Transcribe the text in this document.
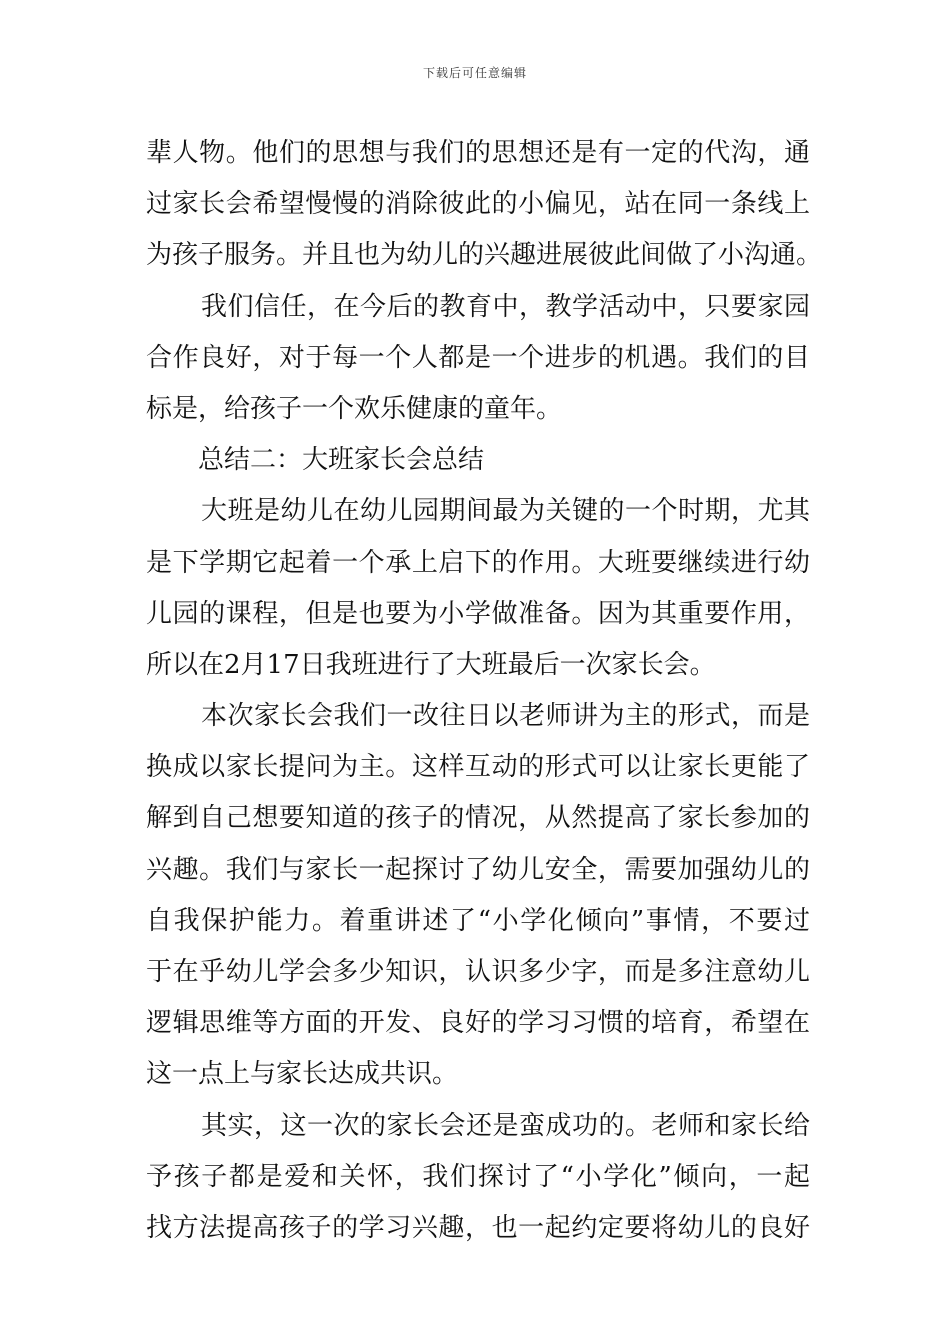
下载后可任意编辑
辈人物。他们的思想与我们的思想还是有一定的代沟，通
过家长会希望慢慢的消除彼此的小偏见，站在同一条线上
为孩子服务。并且也为幼儿的兴趣进展彼此间做了小沟通。
我们信任，在今后的教育中，教学活动中，只要家园
合作良好，对于每一个人都是一个进步的机遇。我们的目
标是，给孩子一个欢乐健康的童年。
总结二：大班家长会总结
大班是幼儿在幼儿园期间最为关键的一个时期，尤其
是下学期它起着一个承上启下的作用。大班要继续进行幼
儿园的课程，但是也要为小学做准备。因为其重要作用，
所以在2月17日我班进行了大班最后一次家长会。
本次家长会我们一改往日以老师讲为主的形式，而是
换成以家长提问为主。这样互动的形式可以让家长更能了
解到自己想要知道的孩子的情况，从然提高了家长参加的
兴趣。我们与家长一起探讨了幼儿安全，需要加强幼儿的
自我保护能力。着重讲述了“小学化倾向”事情，不要过
于在乎幼儿学会多少知识，认识多少字，而是多注意幼儿
逻辑思维等方面的开发、良好的学习习惯的培育，希望在
这一点上与家长达成共识。
其实，这一次的家长会还是蛮成功的。老师和家长给
予孩子都是爱和关怀，我们探讨了“小学化”倾向，一起
找方法提高孩子的学习兴趣，也一起约定要将幼儿的良好
